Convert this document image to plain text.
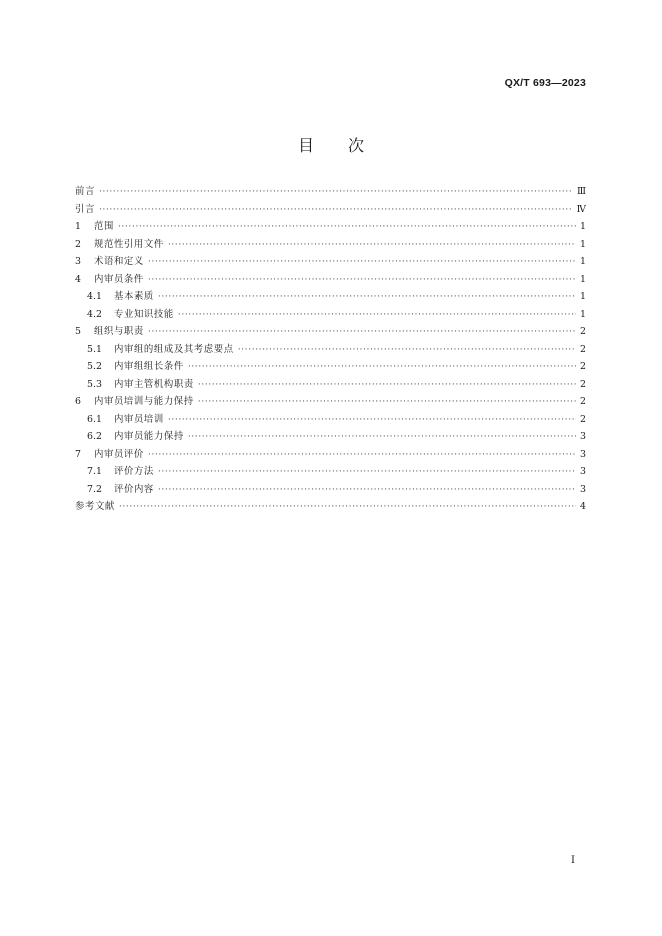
QX/T 693—2023
目次
前言 ·····	Ⅲ
引言 ·····	Ⅳ
1	范围 ·····	1
2	规范性引用文件 ·····	1
3	术语和定义 ·····	1
4	内审员条件 ·····	1
4.1	基本素质 ·····	1
4.2	专业知识技能 ·····	1
5	组织与职责 ·····	2
5.1	内审组的组成及其考虑要点 ·····	2
5.2	内审组组长条件 ·····	2
5.3	内审主管机构职责 ·····	2
6	内审员培训与能力保持 ·····	2
6.1	内审员培训 ·····	2
6.2	内审员能力保持 ·····	3
7	内审员评价 ·····	3
7.1	评价方法 ·····	3
7.2	评价内容 ·····	3
参考文献 ·····	4
Ⅰ
